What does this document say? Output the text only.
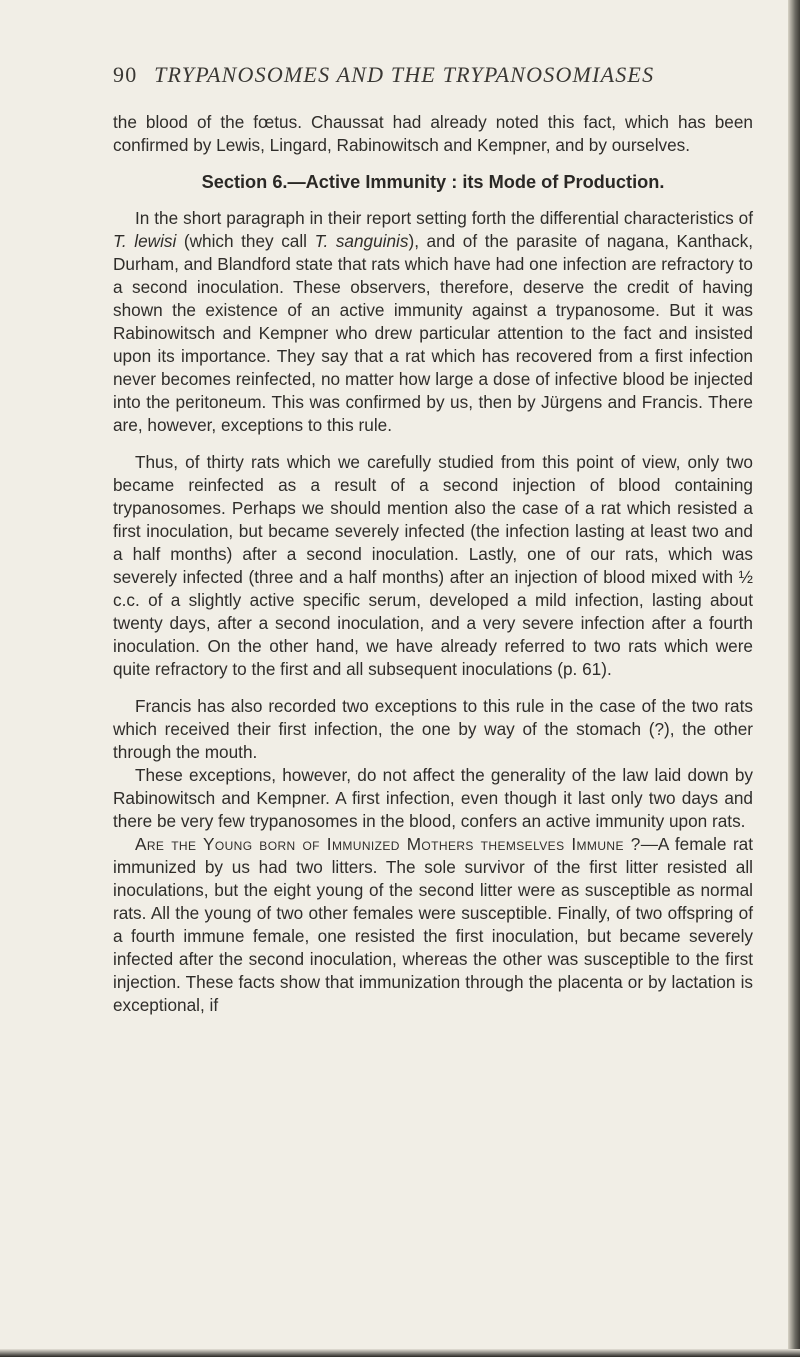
90 TRYPANOSOMES AND THE TRYPANOSOMIASES

the blood of the fœtus. Chaussat had already noted this fact, which has been confirmed by Lewis, Lingard, Rabinowitsch and Kempner, and by ourselves.

Section 6.—Active Immunity : its Mode of Production.

In the short paragraph in their report setting forth the differential characteristics of T. lewisi (which they call T. sanguinis), and of the parasite of nagana, Kanthack, Durham, and Blandford state that rats which have had one infection are refractory to a second inoculation. These observers, therefore, deserve the credit of having shown the existence of an active immunity against a trypanosome. But it was Rabinowitsch and Kempner who drew particular attention to the fact and insisted upon its importance. They say that a rat which has recovered from a first infection never becomes reinfected, no matter how large a dose of infective blood be injected into the peritoneum. This was confirmed by us, then by Jürgens and Francis. There are, however, exceptions to this rule.

Thus, of thirty rats which we carefully studied from this point of view, only two became reinfected as a result of a second injection of blood containing trypanosomes. Perhaps we should mention also the case of a rat which resisted a first inoculation, but became severely infected (the infection lasting at least two and a half months) after a second inoculation. Lastly, one of our rats, which was severely infected (three and a half months) after an injection of blood mixed with ½ c.c. of a slightly active specific serum, developed a mild infection, lasting about twenty days, after a second inoculation, and a very severe infection after a fourth inoculation. On the other hand, we have already referred to two rats which were quite refractory to the first and all subsequent inoculations (p. 61).

Francis has also recorded two exceptions to this rule in the case of the two rats which received their first infection, the one by way of the stomach (?), the other through the mouth.

These exceptions, however, do not affect the generality of the law laid down by Rabinowitsch and Kempner. A first infection, even though it last only two days and there be very few trypanosomes in the blood, confers an active immunity upon rats.

Are the Young born of Immunized Mothers themselves Immune ?—A female rat immunized by us had two litters. The sole survivor of the first litter resisted all inoculations, but the eight young of the second litter were as susceptible as normal rats. All the young of two other females were susceptible. Finally, of two offspring of a fourth immune female, one resisted the first inoculation, but became severely infected after the second inoculation, whereas the other was susceptible to the first injection. These facts show that immunization through the placenta or by lactation is exceptional, if
